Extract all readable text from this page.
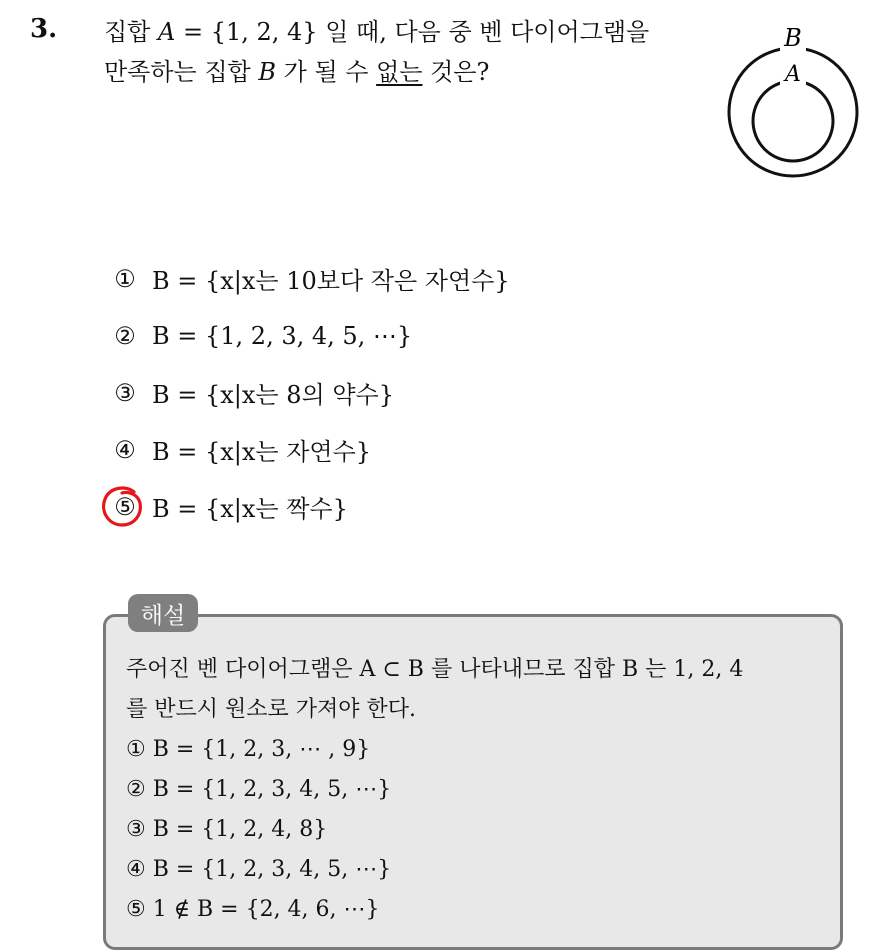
3. 집합 A = {1, 2, 4} 일 때, 다음 중 벤 다이어그램을
만족하는 집합 B 가 될 수 없는 것은?
B
A
① B = {x|x는 10보다 작은 자연수}
② B = {1, 2, 3, 4, 5, ⋯}
③ B = {x|x는 8의 약수}
④ B = {x|x는 자연수}
⑤ B = {x|x는 짝수}
해설
주어진 벤 다이어그램은 A ⊂ B 를 나타내므로 집합 B 는 1, 2, 4
를 반드시 원소로 가져야 한다.
① B = {1, 2, 3, ⋯ , 9}
② B = {1, 2, 3, 4, 5, ⋯}
③ B = {1, 2, 4, 8}
④ B = {1, 2, 3, 4, 5, ⋯}
⑤ 1 ∉ B = {2, 4, 6, ⋯}
